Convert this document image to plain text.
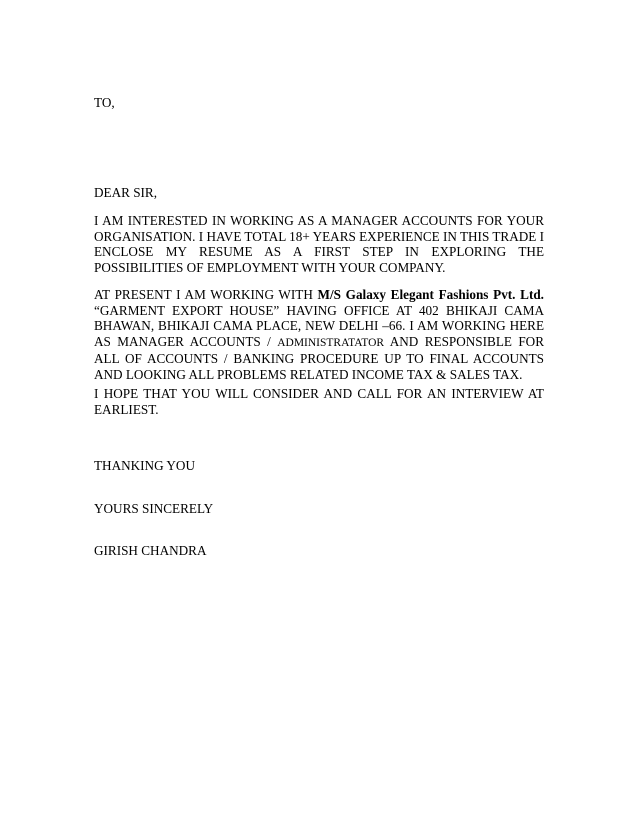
TO,

DEAR SIR,

I AM INTERESTED IN WORKING AS A MANAGER ACCOUNTS FOR YOUR ORGANISATION. I HAVE TOTAL 18+ YEARS EXPERIENCE IN THIS TRADE I ENCLOSE MY RESUME AS A FIRST STEP IN EXPLORING THE POSSIBILITIES OF EMPLOYMENT WITH YOUR COMPANY.

AT PRESENT I AM WORKING WITH M/S Galaxy Elegant Fashions Pvt. Ltd. “GARMENT EXPORT HOUSE” HAVING OFFICE AT 402 BHIKAJI CAMA BHAWAN, BHIKAJI CAMA PLACE, NEW DELHI –66. I AM WORKING HERE AS MANAGER ACCOUNTS / ADMINISTRATATOR AND RESPONSIBLE FOR ALL OF ACCOUNTS / BANKING PROCEDURE UP TO FINAL ACCOUNTS AND LOOKING ALL PROBLEMS RELATED INCOME TAX & SALES TAX.

I HOPE THAT YOU WILL CONSIDER AND CALL FOR AN INTERVIEW AT EARLIEST.

THANKING YOU

YOURS SINCERELY

GIRISH CHANDRA
